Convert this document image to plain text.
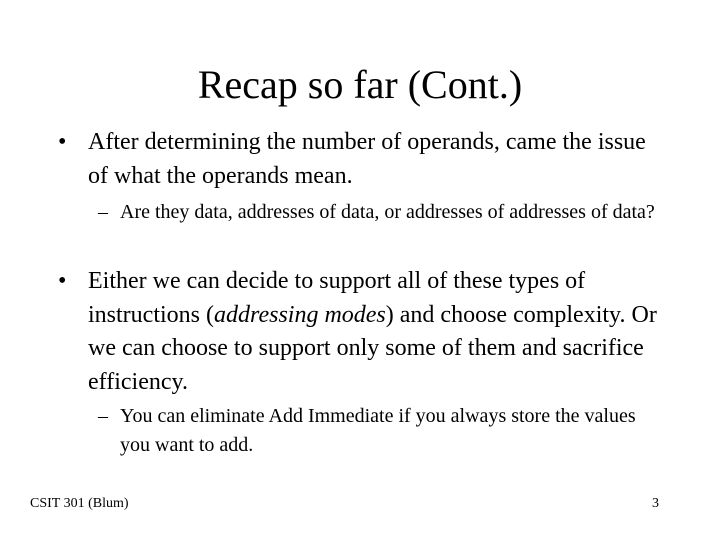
Recap so far (Cont.)
• After determining the number of operands, came the issue of what the operands mean.
– Are they data, addresses of data, or addresses of addresses of data?
• Either we can decide to support all of these types of instructions (addressing modes) and choose complexity. Or we can choose to support only some of them and sacrifice efficiency.
– You can eliminate Add Immediate if you always store the values you want to add.
CSIT 301 (Blum)	3
